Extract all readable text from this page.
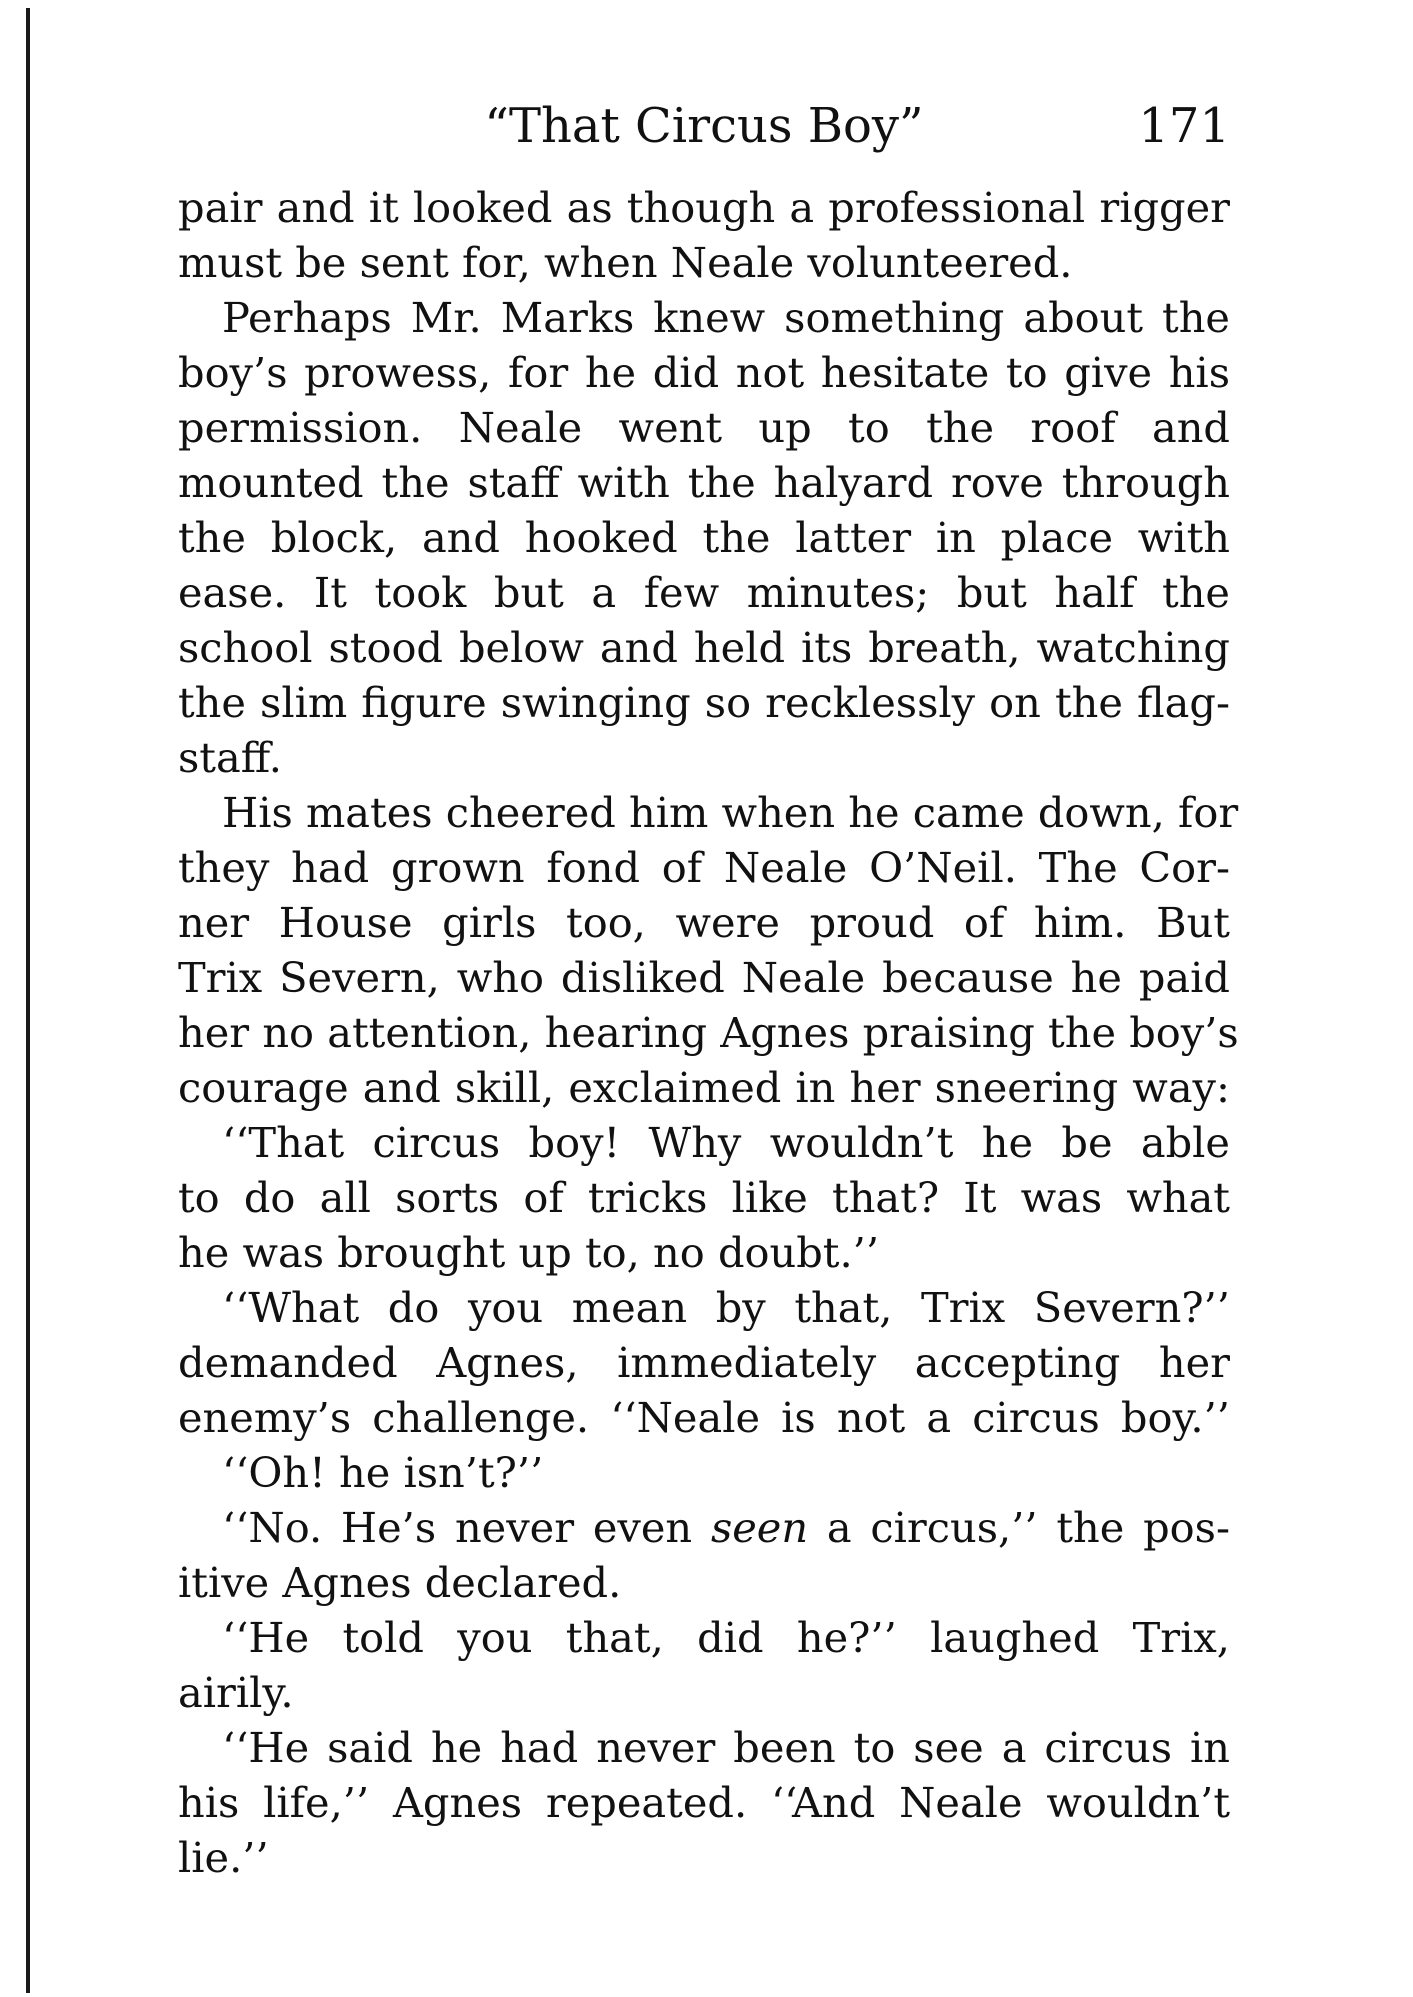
“That Circus Boy”	171
pair and it looked as though a professional rigger
must be sent for, when Neale volunteered.
Perhaps Mr. Marks knew something about the
boy’s prowess, for he did not hesitate to give his
permission. Neale went up to the roof and
mounted the staff with the halyard rove through
the block, and hooked the latter in place with
ease. It took but a few minutes; but half the
school stood below and held its breath, watching
the slim figure swinging so recklessly on the flag-
staff.
His mates cheered him when he came down, for
they had grown fond of Neale O’Neil. The Cor-
ner House girls too, were proud of him. But
Trix Severn, who disliked Neale because he paid
her no attention, hearing Agnes praising the boy’s
courage and skill, exclaimed in her sneering way:
‘‘That circus boy! Why wouldn’t he be able
to do all sorts of tricks like that? It was what
he was brought up to, no doubt.’’
‘‘What do you mean by that, Trix Severn?’’
demanded Agnes, immediately accepting her
enemy’s challenge. ‘‘Neale is not a circus boy.’’
‘‘Oh! he isn’t?’’
‘‘No. He’s never even seen a circus,’’ the pos-
itive Agnes declared.
‘‘He told you that, did he?’’ laughed Trix,
airily.
‘‘He said he had never been to see a circus in
his life,’’ Agnes repeated. ‘‘And Neale wouldn’t
lie.’’
